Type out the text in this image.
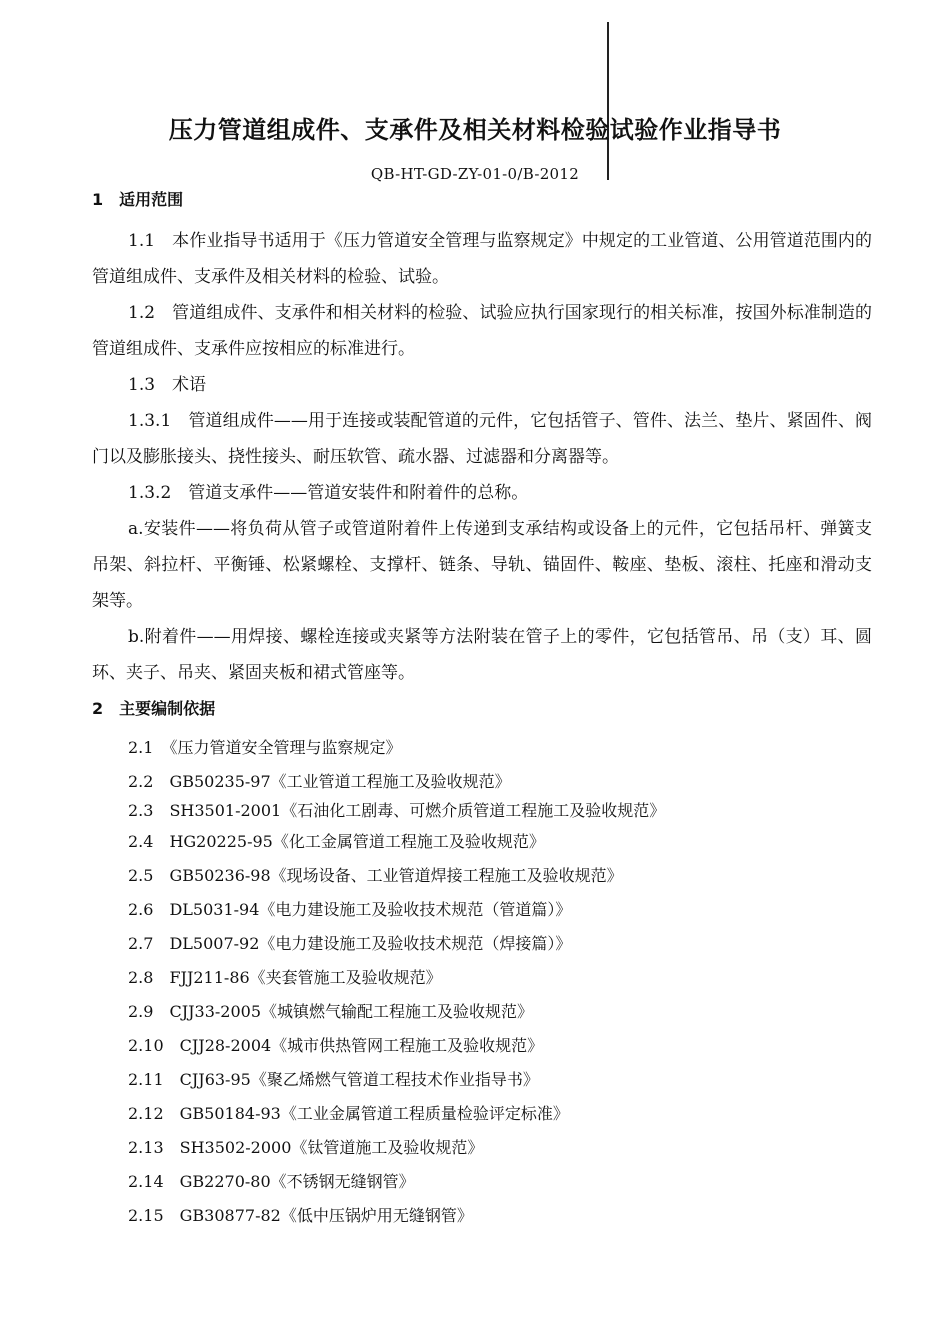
压力管道组成件、支承件及相关材料检验试验作业指导书
QB-HT-GD-ZY-01-0/B-2012

1　适用范围

1.1　本作业指导书适用于《压力管道安全管理与监察规定》中规定的工业管道、公用管道范围内的管道组成件、支承件及相关材料的检验、试验。

1.2　管道组成件、支承件和相关材料的检验、试验应执行国家现行的相关标准，按国外标准制造的管道组成件、支承件应按相应的标准进行。

1.3　术语

1.3.1　管道组成件——用于连接或装配管道的元件，它包括管子、管件、法兰、垫片、紧固件、阀门以及膨胀接头、挠性接头、耐压软管、疏水器、过滤器和分离器等。

1.3.2　管道支承件——管道安装件和附着件的总称。

a.安装件——将负荷从管子或管道附着件上传递到支承结构或设备上的元件，它包括吊杆、弹簧支吊架、斜拉杆、平衡锤、松紧螺栓、支撑杆、链条、导轨、锚固件、鞍座、垫板、滚柱、托座和滑动支架等。

b.附着件——用焊接、螺栓连接或夹紧等方法附装在管子上的零件，它包括管吊、吊（支）耳、圆环、夹子、吊夹、紧固夹板和裙式管座等。

2　主要编制依据

2.1　《压力管道安全管理与监察规定》

2.2　GB50235-97《工业管道工程施工及验收规范》

2.3　SH3501-2001《石油化工剧毒、可燃介质管道工程施工及验收规范》

2.4　HG20225-95《化工金属管道工程施工及验收规范》

2.5　GB50236-98《现场设备、工业管道焊接工程施工及验收规范》

2.6　DL5031-94《电力建设施工及验收技术规范（管道篇）》

2.7　DL5007-92《电力建设施工及验收技术规范（焊接篇）》

2.8　FJJ211-86《夹套管施工及验收规范》

2.9　CJJ33-2005《城镇燃气输配工程施工及验收规范》

2.10　CJJ28-2004《城市供热管网工程施工及验收规范》

2.11　CJJ63-95《聚乙烯燃气管道工程技术作业指导书》

2.12　GB50184-93《工业金属管道工程质量检验评定标准》

2.13　SH3502-2000《钛管道施工及验收规范》

2.14　GB2270-80《不锈钢无缝钢管》

2.15　GB30877-82《低中压锅炉用无缝钢管》
